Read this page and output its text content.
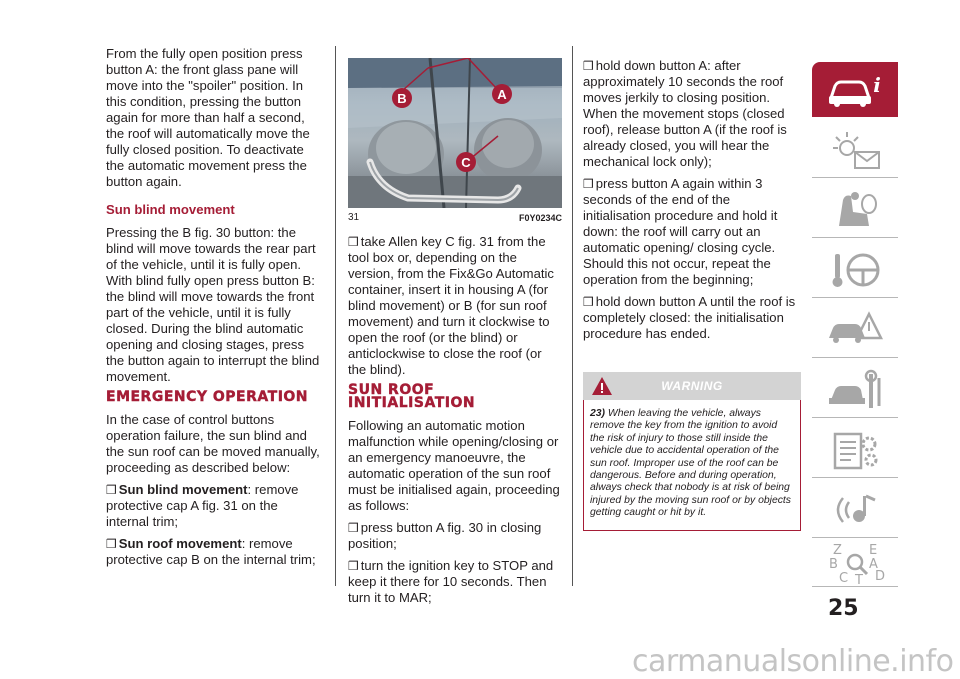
From the fully open position press button A: the front glass pane will move into the "spoiler" position. In this condition, pressing the button again for more than half a second, the roof will automatically move the fully closed position. To deactivate the automatic movement press the button again.

Sun blind movement

Pressing the B fig. 30 button: the blind will move towards the rear part of the vehicle, until it is fully open. With blind fully open press button B: the blind will move towards the front part of the vehicle, until it is fully closed. During the blind automatic opening and closing stages, press the button again to interrupt the blind movement.

EMERGENCY OPERATION

In the case of control buttons operation failure, the sun blind and the sun roof can be moved manually, proceeding as described below:

❒ Sun blind movement: remove protective cap A fig. 31 on the internal trim;

❒ Sun roof movement: remove protective cap B on the internal trim;

B	A
C
31	F0Y0234C

❒ take Allen key C fig. 31 from the tool box or, depending on the version, from the Fix&Go Automatic container, insert it in housing A (for blind movement) or B (for sun roof movement) and turn it clockwise to open the roof (or the blind) or anticlockwise to close the roof (or the blind).

SUN ROOF
INITIALISATION

Following an automatic motion malfunction while opening/closing or an emergency manoeuvre, the automatic operation of the sun roof must be initialised again, proceeding as follows:

❒ press button A fig. 30 in closing position;

❒ turn the ignition key to STOP and keep it there for 10 seconds. Then turn it to MAR;

❒ hold down button A: after approximately 10 seconds the roof moves jerkily to closing position. When the movement stops (closed roof), release button A (if the roof is already closed, you will hear the mechanical lock only);

❒ press button A again within 3 seconds of the end of the initialisation procedure and hold it down: the roof will carry out an automatic opening/ closing cycle. Should this not occur, repeat the operation from the beginning;

❒ hold down button A until the roof is completely closed: the initialisation procedure has ended.

WARNING
23) When leaving the vehicle, always remove the key from the ignition to avoid the risk of injury to those still inside the vehicle due to accidental operation of the sun roof. Improper use of the roof can be dangerous. Before and during operation, always check that nobody is at risk of being injured by the moving sun roof or by objects getting caught or hit by it.
i
Z E
B A
C D
T
25
carmanualsonline.info
